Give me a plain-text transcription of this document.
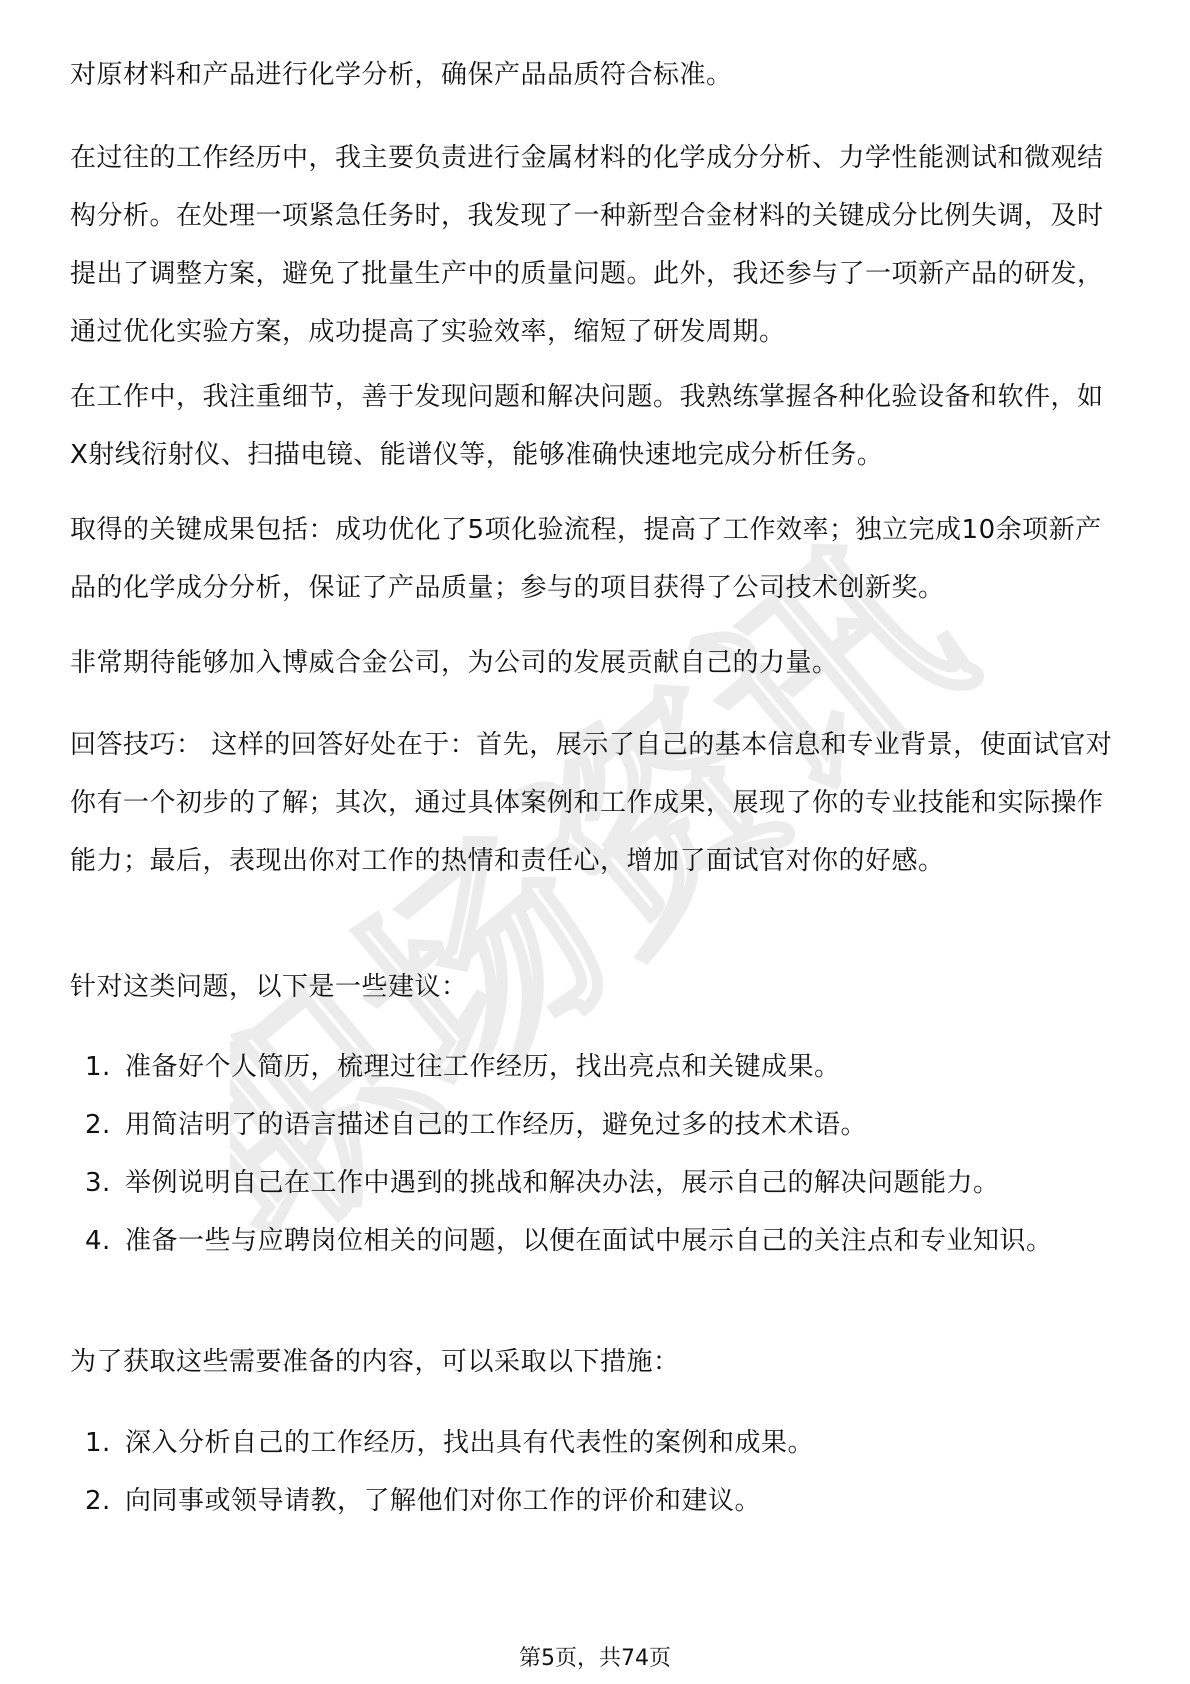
职场资讯

对原材料和产品进行化学分析，确保产品品质符合标准。

在过往的工作经历中，我主要负责进行金属材料的化学成分分析、力学性能测试和微观结构分析。在处理一项紧急任务时，我发现了一种新型合金材料的关键成分比例失调，及时提出了调整方案，避免了批量生产中的质量问题。此外，我还参与了一项新产品的研发，通过优化实验方案，成功提高了实验效率，缩短了研发周期。

在工作中，我注重细节，善于发现问题和解决问题。我熟练掌握各种化验设备和软件，如X射线衍射仪、扫描电镜、能谱仪等，能够准确快速地完成分析任务。

取得的关键成果包括：成功优化了5项化验流程，提高了工作效率；独立完成10余项新产品的化学成分分析，保证了产品质量；参与的项目获得了公司技术创新奖。

非常期待能够加入博威合金公司，为公司的发展贡献自己的力量。

回答技巧： 这样的回答好处在于：首先，展示了自己的基本信息和专业背景，使面试官对你有一个初步的了解；其次，通过具体案例和工作成果，展现了你的专业技能和实际操作能力；最后，表现出你对工作的热情和责任心，增加了面试官对你的好感。

针对这类问题，以下是一些建议：

1. 准备好个人简历，梳理过往工作经历，找出亮点和关键成果。
2. 用简洁明了的语言描述自己的工作经历，避免过多的技术术语。
3. 举例说明自己在工作中遇到的挑战和解决办法，展示自己的解决问题能力。
4. 准备一些与应聘岗位相关的问题，以便在面试中展示自己的关注点和专业知识。

为了获取这些需要准备的内容，可以采取以下措施：

1. 深入分析自己的工作经历，找出具有代表性的案例和成果。
2. 向同事或领导请教，了解他们对你工作的评价和建议。
第5页，共74页
